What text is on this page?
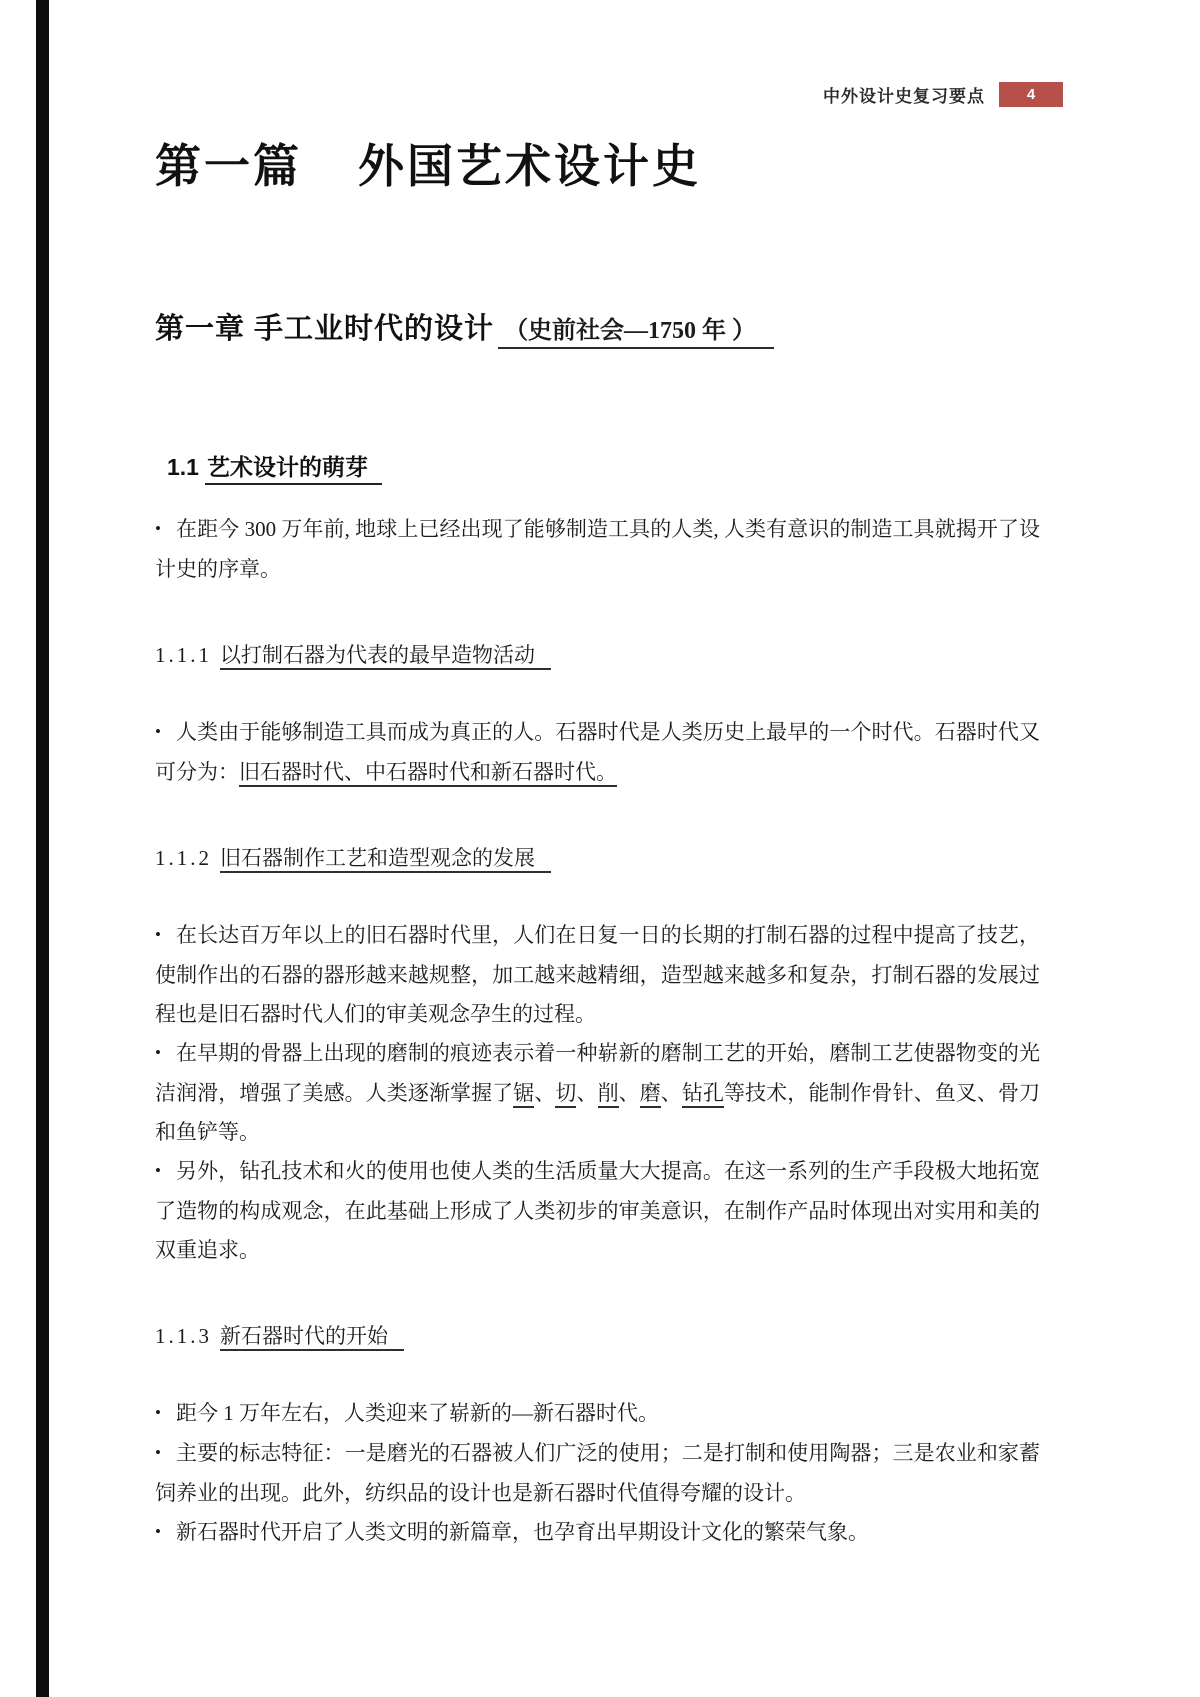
中外设计史复习要点	4
第一篇 外国艺术设计史
第一章 手工业时代的设计 （史前社会—1750 年 ）
1.1 艺术设计的萌芽

• 在距今 300 万年前, 地球上已经出现了能够制造工具的人类, 人类有意识的制造工具就揭开了设计史的序章。

1.1.1 以打制石器为代表的最早造物活动

• 人类由于能够制造工具而成为真正的人。石器时代是人类历史上最早的一个时代。石器时代又可分为：旧石器时代、中石器时代和新石器时代。

1.1.2 旧石器制作工艺和造型观念的发展

• 在长达百万年以上的旧石器时代里，人们在日复一日的长期的打制石器的过程中提高了技艺，使制作出的石器的器形越来越规整，加工越来越精细，造型越来越多和复杂，打制石器的发展过程也是旧石器时代人们的审美观念孕生的过程。

• 在早期的骨器上出现的磨制的痕迹表示着一种崭新的磨制工艺的开始，磨制工艺使器物变的光洁润滑，增强了美感。人类逐渐掌握了锯、切、削、磨、钻孔等技术，能制作骨针、鱼叉、骨刀和鱼铲等。

• 另外，钻孔技术和火的使用也使人类的生活质量大大提高。在这一系列的生产手段极大地拓宽了造物的构成观念，在此基础上形成了人类初步的审美意识，在制作产品时体现出对实用和美的双重追求。

1.1.3 新石器时代的开始

• 距今 1 万年左右，人类迎来了崭新的—新石器时代。

• 主要的标志特征：一是磨光的石器被人们广泛的使用；二是打制和使用陶器；三是农业和家蓄饲养业的出现。此外，纺织品的设计也是新石器时代值得夸耀的设计。

• 新石器时代开启了人类文明的新篇章，也孕育出早期设计文化的繁荣气象。
